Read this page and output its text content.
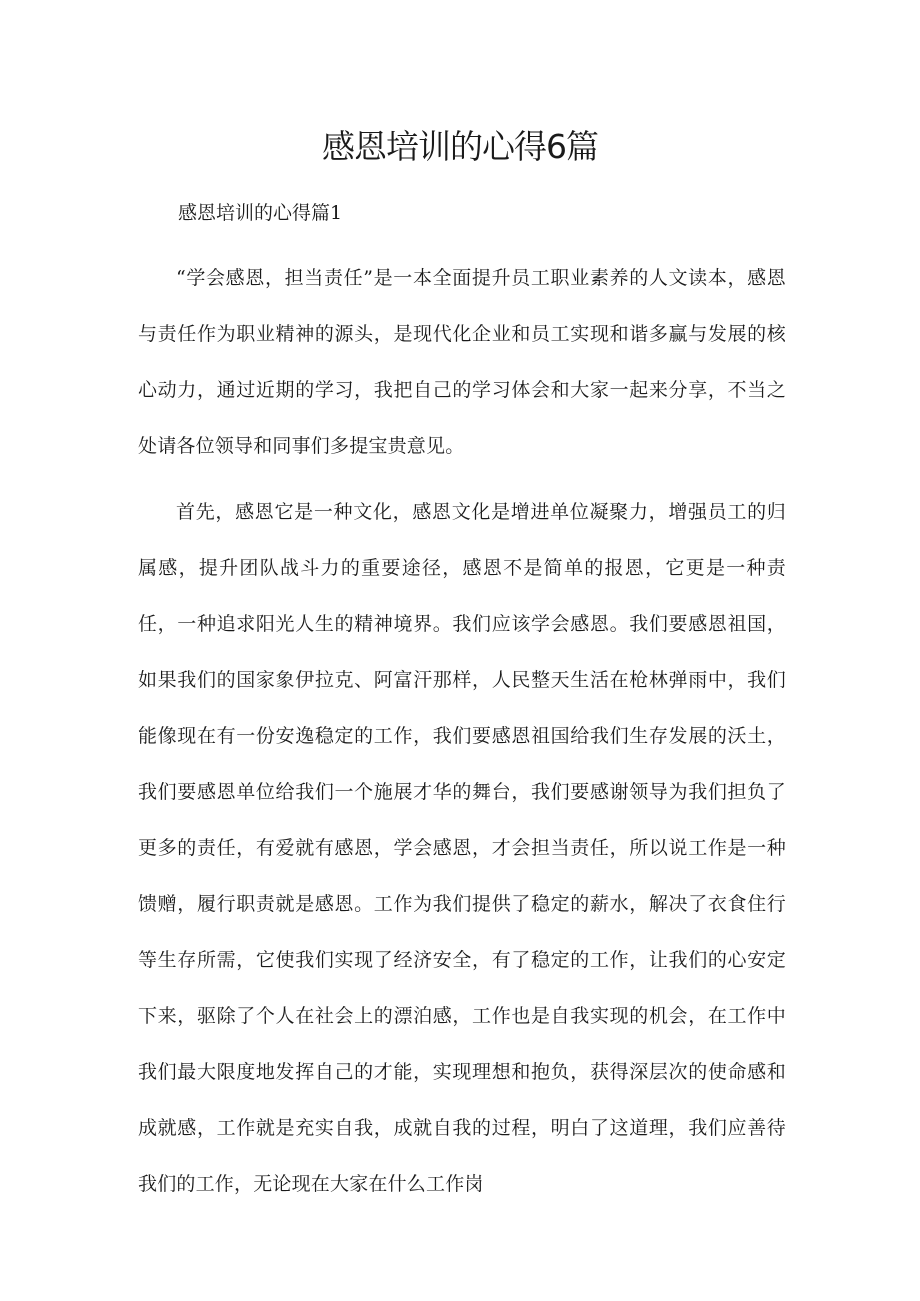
感恩培训的心得6篇
感恩培训的心得篇1

“学会感恩，担当责任”是一本全面提升员工职业素养的人文读本，感恩与责任作为职业精神的源头，是现代化企业和员工实现和谐多赢与发展的核心动力，通过近期的学习，我把自己的学习体会和大家一起来分享，不当之处请各位领导和同事们多提宝贵意见。

首先，感恩它是一种文化，感恩文化是增进单位凝聚力，增强员工的归属感，提升团队战斗力的重要途径，感恩不是简单的报恩，它更是一种责任，一种追求阳光人生的精神境界。我们应该学会感恩。我们要感恩祖国，如果我们的国家象伊拉克、阿富汗那样，人民整天生活在枪林弹雨中，我们能像现在有一份安逸稳定的工作，我们要感恩祖国给我们生存发展的沃土，我们要感恩单位给我们一个施展才华的舞台，我们要感谢领导为我们担负了更多的责任，有爱就有感恩，学会感恩，才会担当责任，所以说工作是一种馈赠，履行职责就是感恩。工作为我们提供了稳定的薪水，解决了衣食住行等生存所需，它使我们实现了经济安全，有了稳定的工作，让我们的心安定下来，驱除了个人在社会上的漂泊感，工作也是自我实现的机会，在工作中我们最大限度地发挥自己的才能，实现理想和抱负，获得深层次的使命感和成就感，工作就是充实自我，成就自我的过程，明白了这道理，我们应善待我们的工作，无论现在大家在什么工作岗
